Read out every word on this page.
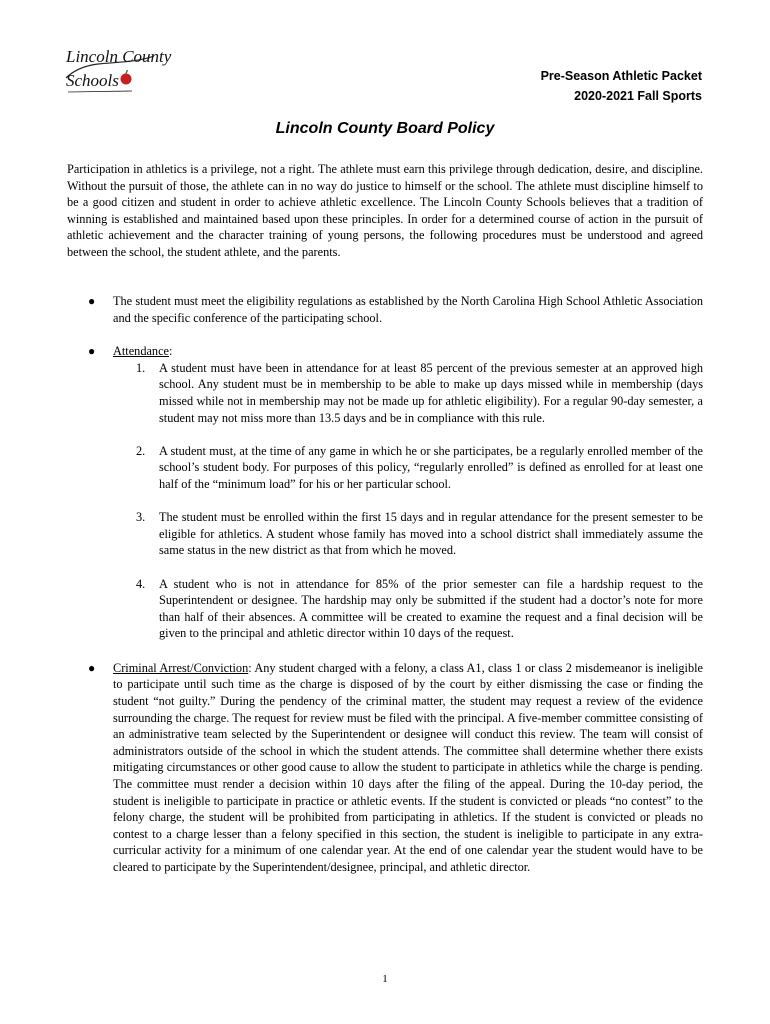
Lincoln County
Schools	Pre-Season Athletic Packet
2020-2021 Fall Sports
Lincoln County Board Policy

Participation in athletics is a privilege, not a right. The athlete must earn this privilege through dedication, desire, and discipline. Without the pursuit of those, the athlete can in no way do justice to himself or the school. The athlete must discipline himself to be a good citizen and student in order to achieve athletic excellence. The Lincoln County Schools believes that a tradition of winning is established and maintained based upon these principles. In order for a determined course of action in the pursuit of athletic achievement and the character training of young persons, the following procedures must be understood and agreed between the school, the student athlete, and the parents.

● The student must meet the eligibility regulations as established by the North Carolina High School Athletic Association and the specific conference of the participating school.
● Attendance:
1. A student must have been in attendance for at least 85 percent of the previous semester at an approved high school. Any student must be in membership to be able to make up days missed while in membership (days missed while not in membership may not be made up for athletic eligibility). For a regular 90-day semester, a student may not miss more than 13.5 days and be in compliance with this rule.
2. A student must, at the time of any game in which he or she participates, be a regularly enrolled member of the school’s student body. For purposes of this policy, “regularly enrolled” is defined as enrolled for at least one half of the “minimum load” for his or her particular school.
3. The student must be enrolled within the first 15 days and in regular attendance for the present semester to be eligible for athletics. A student whose family has moved into a school district shall immediately assume the same status in the new district as that from which he moved.
4. A student who is not in attendance for 85% of the prior semester can file a hardship request to the Superintendent or designee. The hardship may only be submitted if the student had a doctor’s note for more than half of their absences. A committee will be created to examine the request and a final decision will be given to the principal and athletic director within 10 days of the request.
● Criminal Arrest/Conviction: Any student charged with a felony, a class A1, class 1 or class 2 misdemeanor is ineligible to participate until such time as the charge is disposed of by the court by either dismissing the case or finding the student “not guilty.” During the pendency of the criminal matter, the student may request a review of the evidence surrounding the charge. The request for review must be filed with the principal. A five-member committee consisting of an administrative team selected by the Superintendent or designee will conduct this review. The team will consist of administrators outside of the school in which the student attends. The committee shall determine whether there exists mitigating circumstances or other good cause to allow the student to participate in athletics while the charge is pending. The committee must render a decision within 10 days after the filing of the appeal. During the 10-day period, the student is ineligible to participate in practice or athletic events. If the student is convicted or pleads “no contest” to the felony charge, the student will be prohibited from participating in athletics. If the student is convicted or pleads no contest to a charge lesser than a felony specified in this section, the student is ineligible to participate in any extra-curricular activity for a minimum of one calendar year. At the end of one calendar year the student would have to be cleared to participate by the Superintendent/designee, principal, and athletic director.
1
